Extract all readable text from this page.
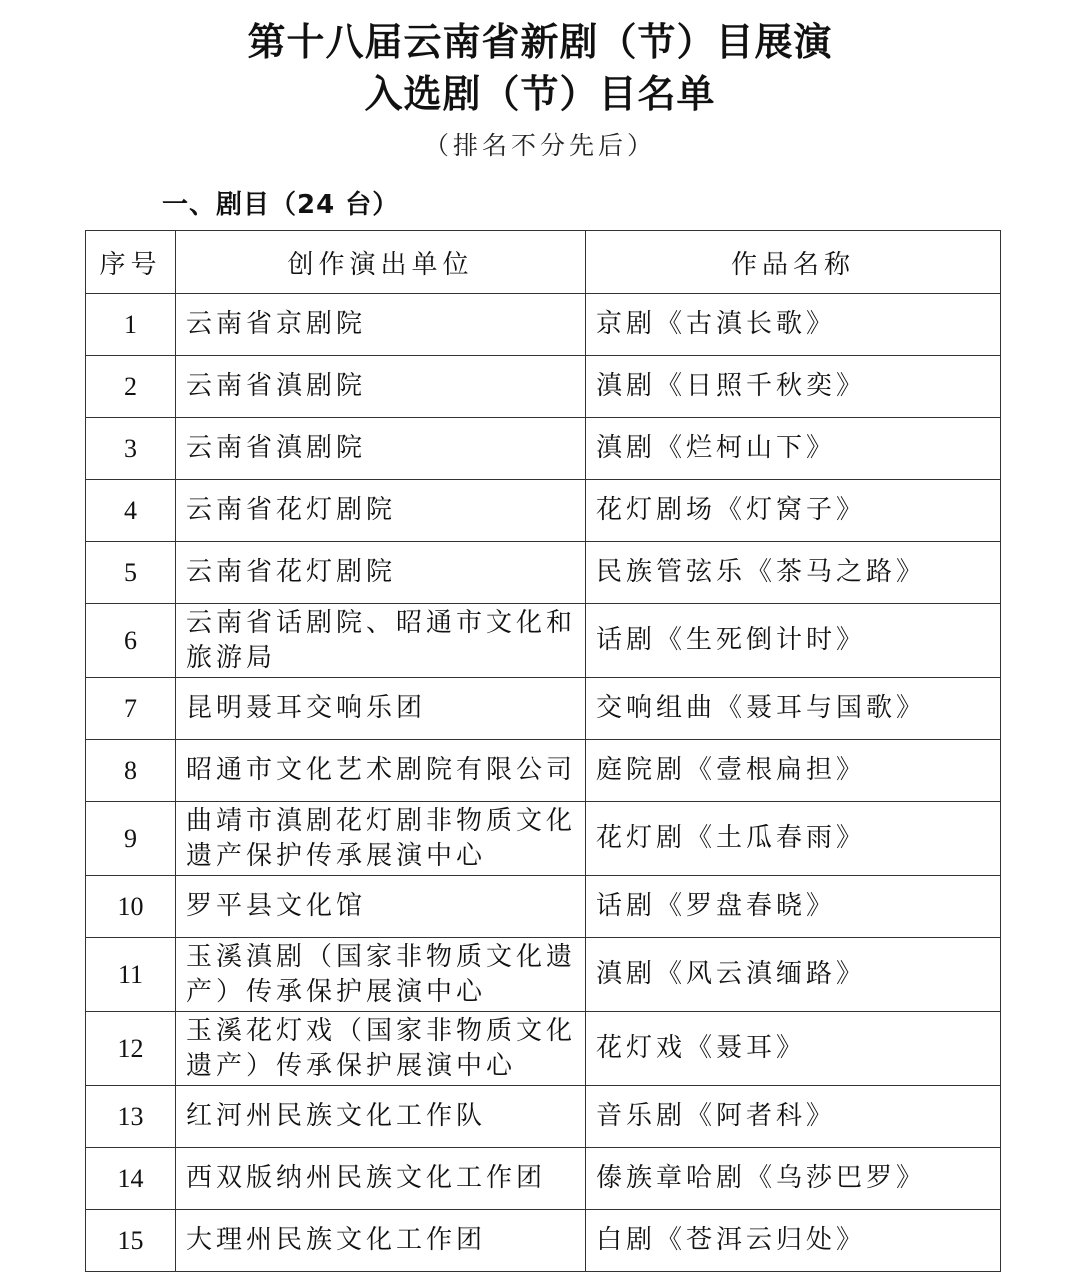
第十八届云南省新剧（节）目展演
入选剧（节）目名单
（排名不分先后）
一、剧目（24 台）
序号	创作演出单位	作品名称
1	云南省京剧院	京剧《古滇长歌》
2	云南省滇剧院	滇剧《日照千秋奕》
3	云南省滇剧院	滇剧《烂柯山下》
4	云南省花灯剧院	花灯剧场《灯窝子》
5	云南省花灯剧院	民族管弦乐《茶马之路》
6	云南省话剧院、昭通市文化和旅游局	话剧《生死倒计时》
7	昆明聂耳交响乐团	交响组曲《聂耳与国歌》
8	昭通市文化艺术剧院有限公司	庭院剧《壹根扁担》
9	曲靖市滇剧花灯剧非物质文化遗产保护传承展演中心	花灯剧《土瓜春雨》
10	罗平县文化馆	话剧《罗盘春晓》
11	玉溪滇剧（国家非物质文化遗产）传承保护展演中心	滇剧《风云滇缅路》
12	玉溪花灯戏（国家非物质文化遗产）传承保护展演中心	花灯戏《聂耳》
13	红河州民族文化工作队	音乐剧《阿者科》
14	西双版纳州民族文化工作团	傣族章哈剧《乌莎巴罗》
15	大理州民族文化工作团	白剧《苍洱云归处》
